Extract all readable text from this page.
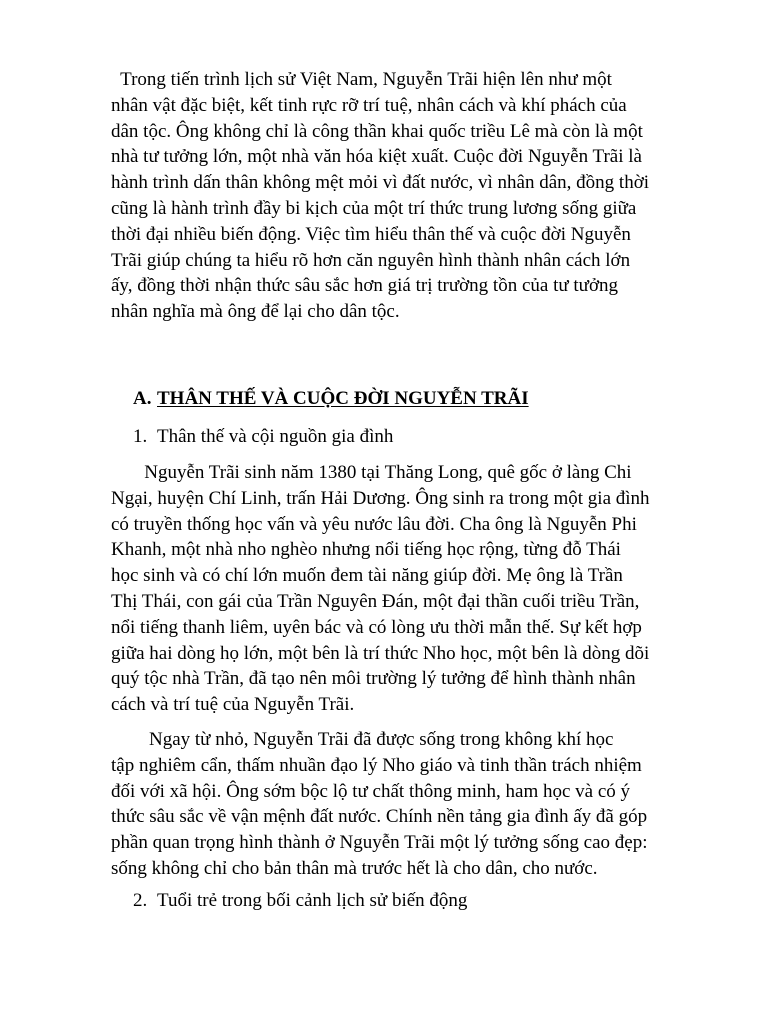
Trong tiến trình lịch sử Việt Nam, Nguyễn Trãi hiện lên như một
nhân vật đặc biệt, kết tinh rực rỡ trí tuệ, nhân cách và khí phách của
dân tộc. Ông không chỉ là công thần khai quốc triều Lê mà còn là một
nhà tư tưởng lớn, một nhà văn hóa kiệt xuất. Cuộc đời Nguyễn Trãi là
hành trình dấn thân không mệt mỏi vì đất nước, vì nhân dân, đồng thời
cũng là hành trình đầy bi kịch của một trí thức trung lương sống giữa
thời đại nhiều biến động. Việc tìm hiểu thân thế và cuộc đời Nguyễn
Trãi giúp chúng ta hiểu rõ hơn căn nguyên hình thành nhân cách lớn
ấy, đồng thời nhận thức sâu sắc hơn giá trị trường tồn của tư tưởng
nhân nghĩa mà ông để lại cho dân tộc.

A. THÂN THẾ VÀ CUỘC ĐỜI NGUYỄN TRÃI
1. Thân thế và cội nguồn gia đình

Nguyễn Trãi sinh năm 1380 tại Thăng Long, quê gốc ở làng Chi
Ngại, huyện Chí Linh, trấn Hải Dương. Ông sinh ra trong một gia đình
có truyền thống học vấn và yêu nước lâu đời. Cha ông là Nguyễn Phi
Khanh, một nhà nho nghèo nhưng nổi tiếng học rộng, từng đỗ Thái
học sinh và có chí lớn muốn đem tài năng giúp đời. Mẹ ông là Trần
Thị Thái, con gái của Trần Nguyên Đán, một đại thần cuối triều Trần,
nổi tiếng thanh liêm, uyên bác và có lòng ưu thời mẫn thế. Sự kết hợp
giữa hai dòng họ lớn, một bên là trí thức Nho học, một bên là dòng dõi
quý tộc nhà Trần, đã tạo nên môi trường lý tưởng để hình thành nhân
cách và trí tuệ của Nguyễn Trãi.

Ngay từ nhỏ, Nguyễn Trãi đã được sống trong không khí học
tập nghiêm cẩn, thấm nhuần đạo lý Nho giáo và tinh thần trách nhiệm
đối với xã hội. Ông sớm bộc lộ tư chất thông minh, ham học và có ý
thức sâu sắc về vận mệnh đất nước. Chính nền tảng gia đình ấy đã góp
phần quan trọng hình thành ở Nguyễn Trãi một lý tưởng sống cao đẹp:
sống không chỉ cho bản thân mà trước hết là cho dân, cho nước.

2. Tuổi trẻ trong bối cảnh lịch sử biến động
